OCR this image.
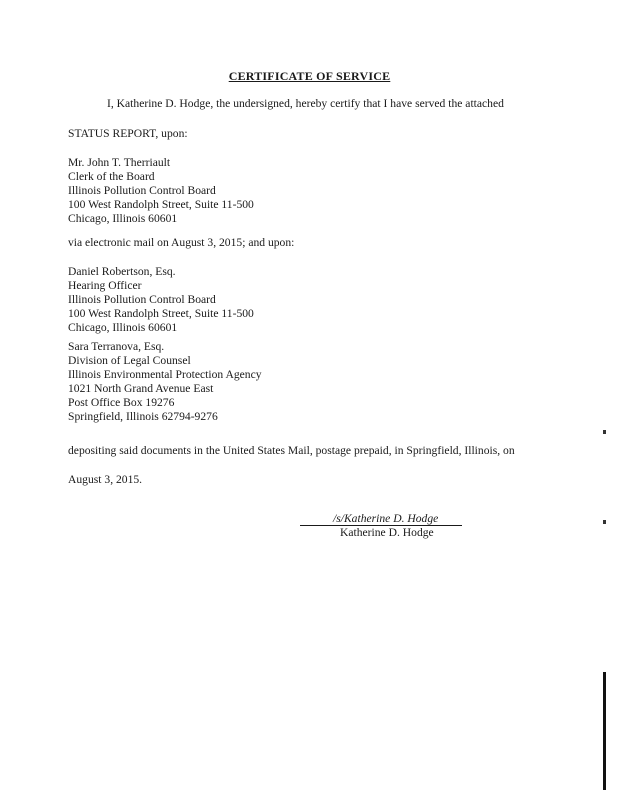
CERTIFICATE OF SERVICE

I, Katherine D. Hodge, the undersigned, hereby certify that I have served the attached

STATUS REPORT, upon:

Mr. John T. Therriault
Clerk of the Board
Illinois Pollution Control Board
100 West Randolph Street, Suite 11-500
Chicago, Illinois 60601

via electronic mail on August 3, 2015; and upon:

Daniel Robertson, Esq.
Hearing Officer
Illinois Pollution Control Board
100 West Randolph Street, Suite 11-500
Chicago, Illinois 60601
Sara Terranova, Esq.
Division of Legal Counsel
Illinois Environmental Protection Agency
1021 North Grand Avenue East
Post Office Box 19276
Springfield, Illinois 62794-9276

depositing said documents in the United States Mail, postage prepaid, in Springfield, Illinois, on

August 3, 2015.

/s/Katherine D. Hodge
Katherine D. Hodge
